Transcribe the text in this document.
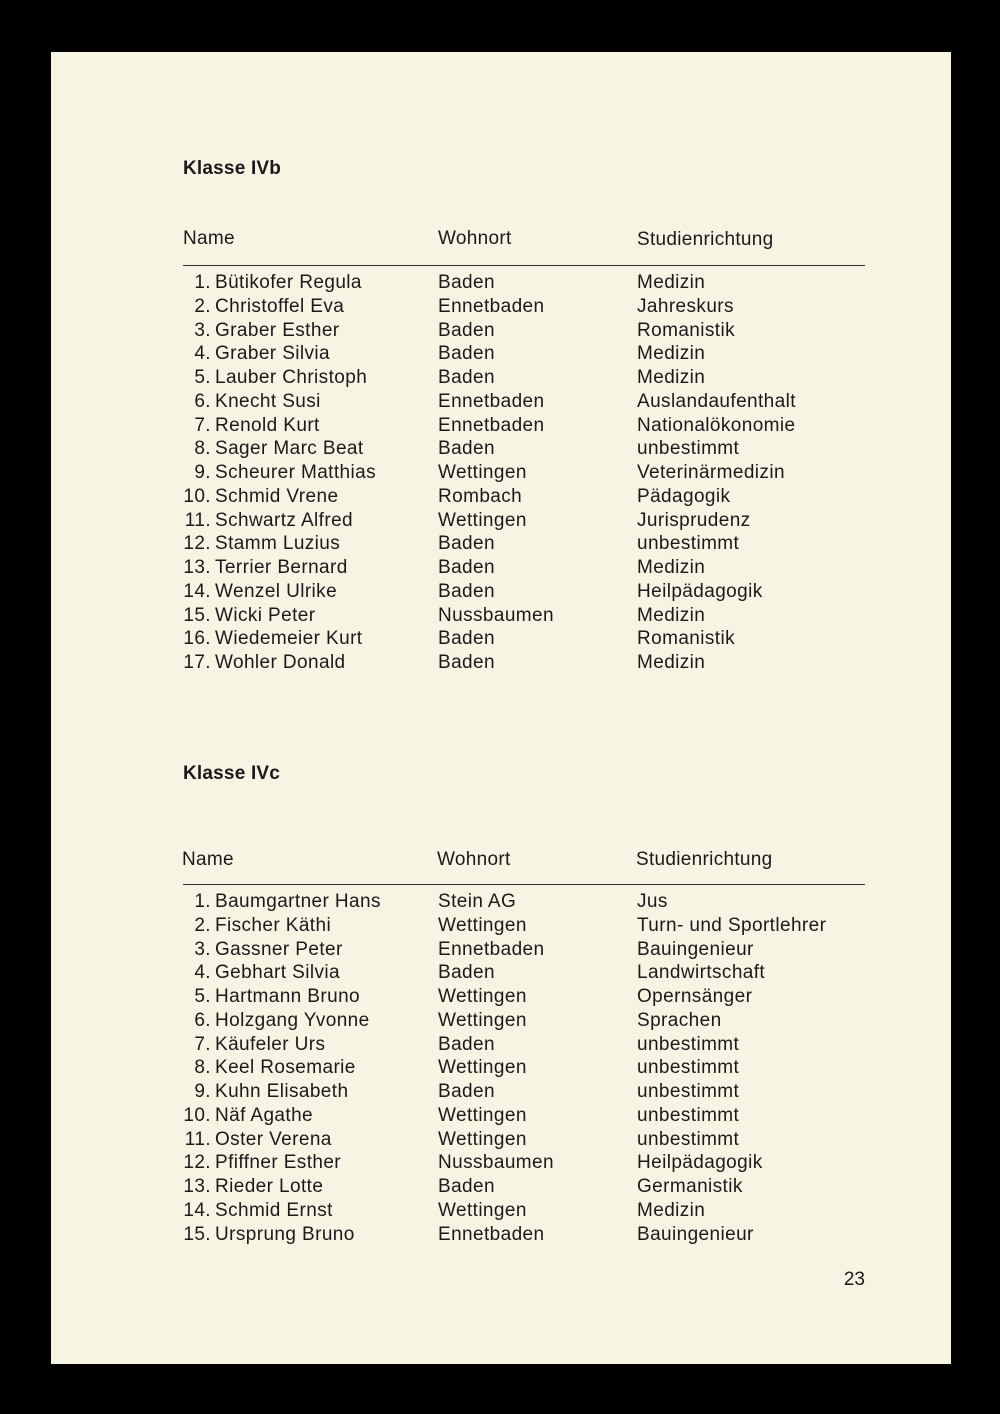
Klasse IVb
Name	Wohnort	Studienrichtung
1. Bütikofer Regula	Baden	Medizin
2. Christoffel Eva	Ennetbaden	Jahreskurs
3. Graber Esther	Baden	Romanistik
4. Graber Silvia	Baden	Medizin
5. Lauber Christoph	Baden	Medizin
6. Knecht Susi	Ennetbaden	Auslandaufenthalt
7. Renold Kurt	Ennetbaden	Nationalökonomie
8. Sager Marc Beat	Baden	unbestimmt
9. Scheurer Matthias	Wettingen	Veterinärmedizin
10. Schmid Vrene	Rombach	Pädagogik
11. Schwartz Alfred	Wettingen	Jurisprudenz
12. Stamm Luzius	Baden	unbestimmt
13. Terrier Bernard	Baden	Medizin
14. Wenzel Ulrike	Baden	Heilpädagogik
15. Wicki Peter	Nussbaumen	Medizin
16. Wiedemeier Kurt	Baden	Romanistik
17. Wohler Donald	Baden	Medizin
Klasse IVc
Name	Wohnort	Studienrichtung
1. Baumgartner Hans	Stein AG	Jus
2. Fischer Käthi	Wettingen	Turn- und Sportlehrer
3. Gassner Peter	Ennetbaden	Bauingenieur
4. Gebhart Silvia	Baden	Landwirtschaft
5. Hartmann Bruno	Wettingen	Opernsänger
6. Holzgang Yvonne	Wettingen	Sprachen
7. Käufeler Urs	Baden	unbestimmt
8. Keel Rosemarie	Wettingen	unbestimmt
9. Kuhn Elisabeth	Baden	unbestimmt
10. Näf Agathe	Wettingen	unbestimmt
11. Oster Verena	Wettingen	unbestimmt
12. Pfiffner Esther	Nussbaumen	Heilpädagogik
13. Rieder Lotte	Baden	Germanistik
14. Schmid Ernst	Wettingen	Medizin
15. Ursprung Bruno	Ennetbaden	Bauingenieur
23
